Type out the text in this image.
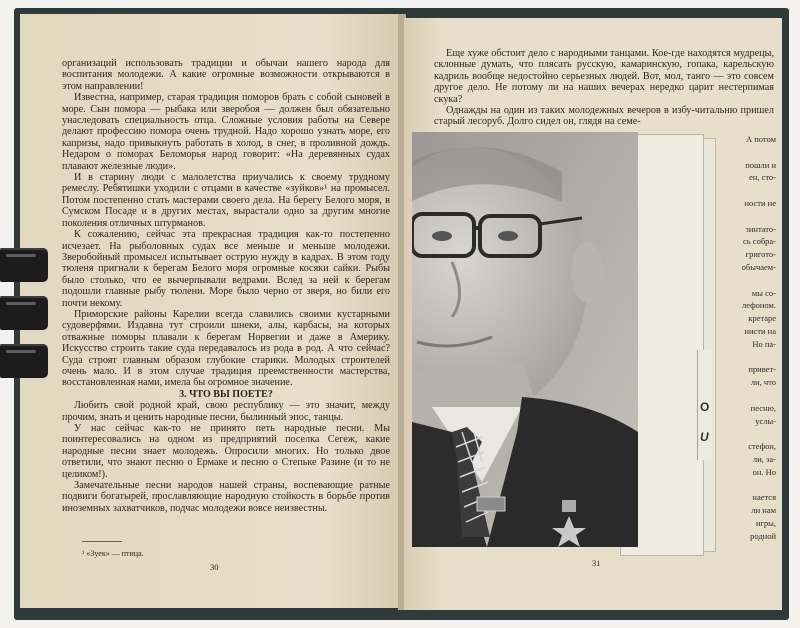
организаций использовать традиции и обычаи нашего народа для воспитания молодежи. А какие огромные возможности открываются в этом направлении!

Известна, например, старая традиция поморов брать с собой сыновей в море. Сын помора — рыбака или зверобоя — должен был обязательно унаследовать специальность отца. Сложные условия работы на Севере делают профессию помора очень трудной. Надо хорошо узнать море, его капризы, надо привыкнуть работать в холод, в снег, в проливной дождь. Недаром о поморах Беломорья народ говорит: «На деревянных судах плавают железные люди».

И в старину люди с малолетства приучались к своему трудному ремеслу. Ребятишки уходили с отцами в качестве «зуйков»¹ на промысел. Потом постепенно стать мастерами своего дела. На берегу Белого моря, в Сумском Посаде и в других местах, вырастали одно за другим многие поколения отличных штурманов.

К сожалению, сейчас эта прекрасная традиция как-то постепенно исчезает. На рыболовных судах все меньше и меньше молодежи. Зверобойный промысел испытывает острую нужду в кадрах. В этом году тюленя пригнали к берегам Белого моря огромные косяки сайки. Рыбы было столько, что ее вычерпывали ведрами. Вслед за ней к берегам подошли главные рыбу тюлени. Море было черно от зверя, но били его почти некому.

Приморские районы Карелии всегда славились своими кустарными судоверфями. Издавна тут строили шнеки, алы, карбасы, на которых отважные поморы плавали к берегам Норвегии и даже в Америку. Искусство строить такие суда передавалось из рода в род. А что сейчас? Суда строят главным образом глубокие старики. Молодых строителей очень мало. И в этом случае традиция преемственности мастерства, восстановленная нами, имела бы огромное значение.

3. ЧТО ВЫ ПОЕТЕ?

Любить свой родной край, свою республику — это значит, между прочим, знать и ценить народные песни, былинный эпос, танцы.

У нас сейчас как-то не принято петь народные песни. Мы поинтересовались на одном из предприятий поселка Сегеж, какие народные песни знает молодежь. Опросили многих. Но только двое ответили, что знают песню о Ермаке и песню о Степьке Разине (и то не целиком!).

Замечательные песни народов нашей страны, воспевающие ратные подвиги богатырей, прославляющие народную стойкость в борьбе против иноземных захватчиков, подчас молодежи вовсе неизвестны.

¹ «Зуек» — птица.
30

Еще хуже обстоит дело с народными танцами. Кое-где находятся мудрецы, склонные думать, что плясать русскую, камаринскую, гопака, карельскую кадриль вообще недостойно серьезных людей. Вот, мол, танго — это совсем другое дело. Не потому ли на наших вечерах нередко царит нестерпимая скука?

Однажды на один из таких молодежных вечеров в избу-читальню пришел старый лесоруб. Долго сидел он, глядя на семе-

31
А потом
пошли и
ен, сто-
ности не
зинтато-
сь собра-
григото-
обычаем-
мы со-
лефоном.
кретаре
нисти на
Но па-
привет-
ли, что
песню,
услы-
стефон,
ли, за-
он. Но
нается
ли нам
игры,
родной
О
U
